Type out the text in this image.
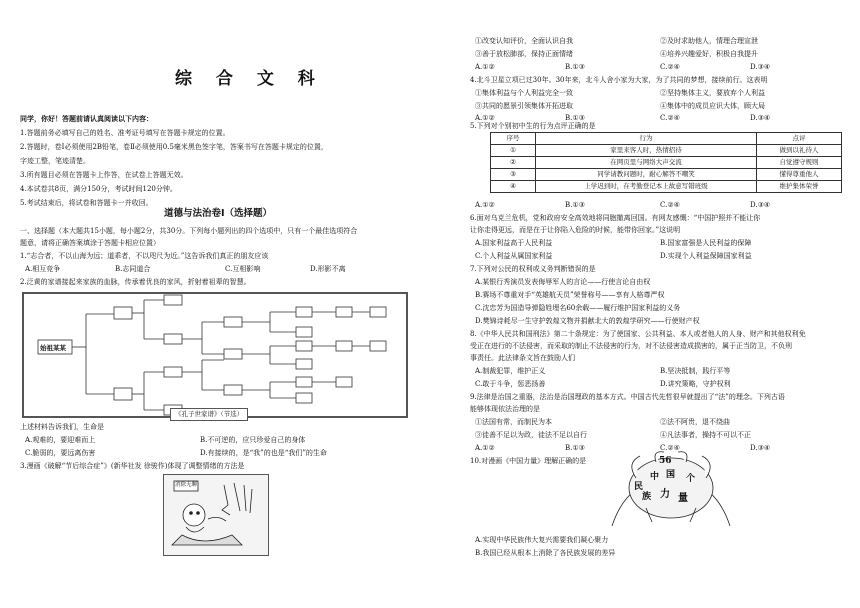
综 合 文 科
同学，你好！答题前请认真阅读以下内容：
1.答题前务必填写自己的姓名、准考证号填写在答题卡规定的位置。
2.答题时，卷Ⅰ必须使用2B铅笔，卷Ⅱ必须使用0.5毫米黑色签字笔，答案书写在答题卡规定的位置，
字迹工整，笔迹清楚。
3.所有题目必须在答题卡上作答，在试卷上答题无效。
4.本试卷共8页，满分150分，考试时间120分钟。
5.考试结束后，将试卷和答题卡一并收回。
道德与法治卷Ⅰ（选择题）
一、选择题（本大题共15小题，每小题2分，共30分。下列每小题列出的四个选项中，只有一个最佳选项符合
题意，请将正确答案填涂于答题卡相应位置）
1.“志合者，不以山海为远；道乖者，不以咫尺为近。”这告诉我们真正的朋友应该
A.相互竞争	B.志同道合	C.互相影响	D.形影不离
2.泛黄的家谱接起来家族的血脉，传承着优良的家风，折射着祖辈的智慧。
始祖某某
《孔子世家谱》（节选）
上述材料告诉我们，生命是
A.观难的，要迎难而上	B.不可逆的，应只珍爱自己的身体
C.脆弱的，要远离伤害	D.有接续的，是“我”的也是“我们”的生命
3.漫画《破解“节后综合症”》(新华社发 徐骏作)体现了调整情绪的方法是
消除无聊
①改变认知评价，全面认识自我	②及时求助他人，情理合理宣泄
③善于放松肺部，保持正面情绪	④培养兴趣爱好，积极自我提升
A.①②	B.①③	C.②④	D.③④
4.北斗卫星立项已过30年。30年来，北斗人舍小家为大家，为了共同的梦想，接续前行。这表明
①集体利益与个人利益完全一致	②坚持集体主义，要放弃个人利益
③共同的愿景引领集体开拓进取	④集体中的成员应识大体，顾大局
A.①②	B.①③	C.②④	D.③④
5.下列对个别初中生的行为点评正确的是
序号	行为	点评
①	家里来客人时，热情招待	做到以礼待人
②	在网页里与网络大声交流	自觉遵守规则
③	同学请教问题时，耐心解答不嘲笑	懂得尊重他人
④	上学迟到时，在考勤登记本上故意写错班级	维护集体荣誉
A.①②	B.①③	C.②④	D.③④
6.面对乌克兰危机，党和政府安全高效地将同胞撤离回国。有网友感慨：“中国护照并不能让你
让你走得更远，而是在于让你陷入危险的时候，能带你回家。”这说明
A.国家利益高于人民利益	B.国家富强是人民利益的保障
C.个人利益从属国家利益	D.实现个人利益保障国家利益
7.下列对公民的权利或义务判断错误的是
A.某银行秀演员发表侮辱军人的言论——行使言论自由权
B.赛场不尊重对手“英雄航天员”荣誉称号——享有人格尊严权
C.沈忠芳为国造导弹隐姓埋名60余载——履行维护国家利益的义务
D.樊锦诗耗尽一生守护敦煌文物并捐献北大的敦煌学研究——行使财产权
8.《中华人民共和国刑法》第二十条规定：为了使国家、公共利益、本人或者他人的人身、财产和其他权利免
受正在进行的不法侵害，而采取的制止不法侵害的行为，对不法侵害造成损害的，属于正当防卫，不负刑
事责任。此法律条文旨在鼓励人们
A.制裁犯罪，维护正义	B.坚决抵制，践行平等
C.敢于斗争，惩恶扬善	D.讲究策略，守护权利
9.法律是治国之重器，法治是治国理政的基本方式。中国古代先哲很早就提出了“法”的理念。下列古语
能够体现依法治理的是
①法国有常，而制民为本	②法不阿贵，退不绕曲
③徒善不足以为政，徒法不足以自行	④凡法事者，操持不可以不正
A.①②	B.①③	C.②④	D.③④
10.对漫画《中国力量》理解正确的是	56
中 国 个
民
族 力 量
A.实现中华民族伟大复兴需要我们凝心聚力
B.我国已经从根本上消除了各民族发展的差异
